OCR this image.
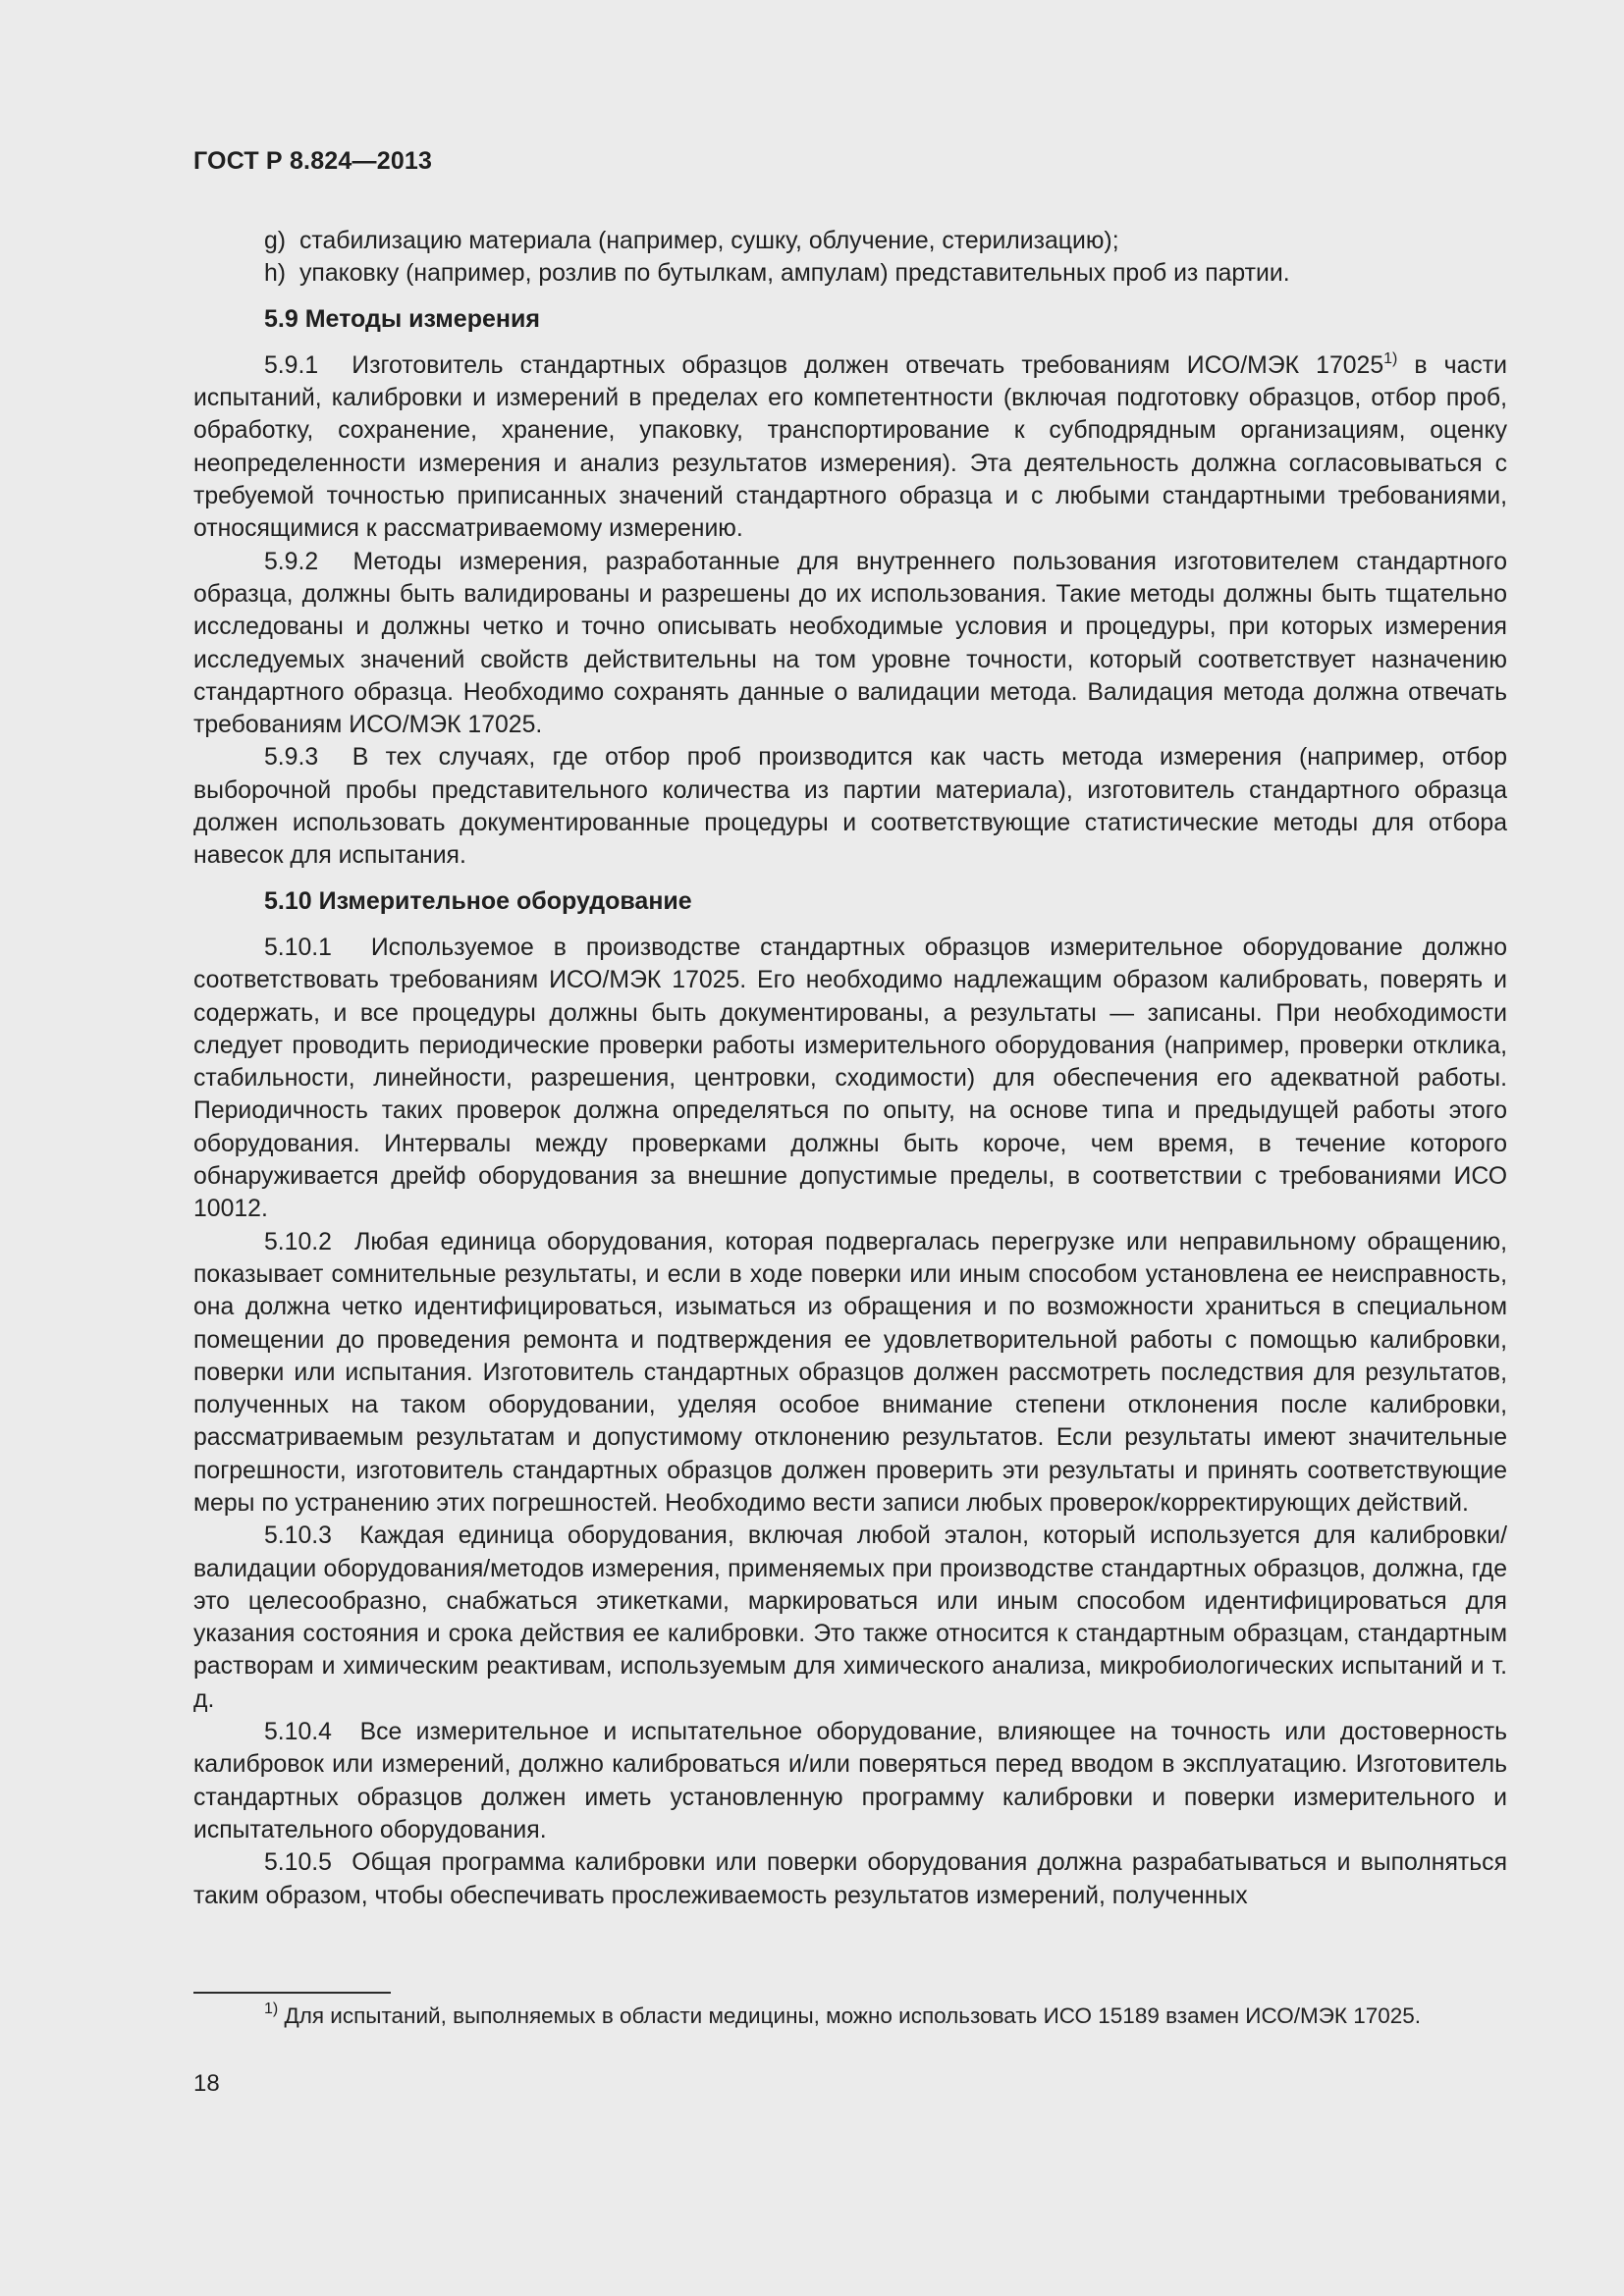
ГОСТ Р 8.824—2013

g) стабилизацию материала (например, сушку, облучение, стерилизацию);

h) упаковку (например, розлив по бутылкам, ампулам) представительных проб из партии.

5.9 Методы измерения

5.9.1 Изготовитель стандартных образцов должен отвечать требованиям ИСО/МЭК 17025$^{1)}$ в части испытаний, калибровки и измерений в пределах его компетентности (включая подготовку образцов, отбор проб, обработку, сохранение, хранение, упаковку, транспортирование к субподрядным организациям, оценку неопределенности измерения и анализ результатов измерения). Эта деятельность должна согласовываться с требуемой точностью приписанных значений стандартного образца и с любыми стандартными требованиями, относящимися к рассматриваемому измерению.

5.9.2 Методы измерения, разработанные для внутреннего пользования изготовителем стандартного образца, должны быть валидированы и разрешены до их использования. Такие методы должны быть тщательно исследованы и должны четко и точно описывать необходимые условия и процедуры, при которых измерения исследуемых значений свойств действительны на том уровне точности, который соответствует назначению стандартного образца. Необходимо сохранять данные о валидации метода. Валидация метода должна отвечать требованиям ИСО/МЭК 17025.

5.9.3 В тех случаях, где отбор проб производится как часть метода измерения (например, отбор выборочной пробы представительного количества из партии материала), изготовитель стандартного образца должен использовать документированные процедуры и соответствующие статистические методы для отбора навесок для испытания.

5.10 Измерительное оборудование

5.10.1 Используемое в производстве стандартных образцов измерительное оборудование должно соответствовать требованиям ИСО/МЭК 17025. Его необходимо надлежащим образом калибровать, поверять и содержать, и все процедуры должны быть документированы, а результаты — записаны. При необходимости следует проводить периодические проверки работы измерительного оборудования (например, проверки отклика, стабильности, линейности, разрешения, центровки, сходимости) для обеспечения его адекватной работы. Периодичность таких проверок должна определяться по опыту, на основе типа и предыдущей работы этого оборудования. Интервалы между проверками должны быть короче, чем время, в течение которого обнаруживается дрейф оборудования за внешние допустимые пределы, в соответствии с требованиями ИСО 10012.

5.10.2 Любая единица оборудования, которая подвергалась перегрузке или неправильному обращению, показывает сомнительные результаты, и если в ходе поверки или иным способом установлена ее неисправность, она должна четко идентифицироваться, изыматься из обращения и по возможности храниться в специальном помещении до проведения ремонта и подтверждения ее удовлетворительной работы с помощью калибровки, поверки или испытания. Изготовитель стандартных образцов должен рассмотреть последствия для результатов, полученных на таком оборудовании, уделяя особое внимание степени отклонения после калибровки, рассматриваемым результатам и допустимому отклонению результатов. Если результаты имеют значительные погрешности, изготовитель стандартных образцов должен проверить эти результаты и принять соответствующие меры по устранению этих погрешностей. Необходимо вести записи любых проверок/корректирующих действий.

5.10.3 Каждая единица оборудования, включая любой эталон, который используется для калибровки/валидации оборудования/методов измерения, применяемых при производстве стандартных образцов, должна, где это целесообразно, снабжаться этикетками, маркироваться или иным способом идентифицироваться для указания состояния и срока действия ее калибровки. Это также относится к стандартным образцам, стандартным растворам и химическим реактивам, используемым для химического анализа, микробиологических испытаний и т. д.

5.10.4 Все измерительное и испытательное оборудование, влияющее на точность или достоверность калибровок или измерений, должно калиброваться и/или поверяться перед вводом в эксплуатацию. Изготовитель стандартных образцов должен иметь установленную программу калибровки и поверки измерительного и испытательного оборудования.

5.10.5 Общая программа калибровки или поверки оборудования должна разрабатываться и выполняться таким образом, чтобы обеспечивать прослеживаемость результатов измерений, полученных

$^{1)}$ Для испытаний, выполняемых в области медицины, можно использовать ИСО 15189 взамен ИСО/МЭК 17025.

18
